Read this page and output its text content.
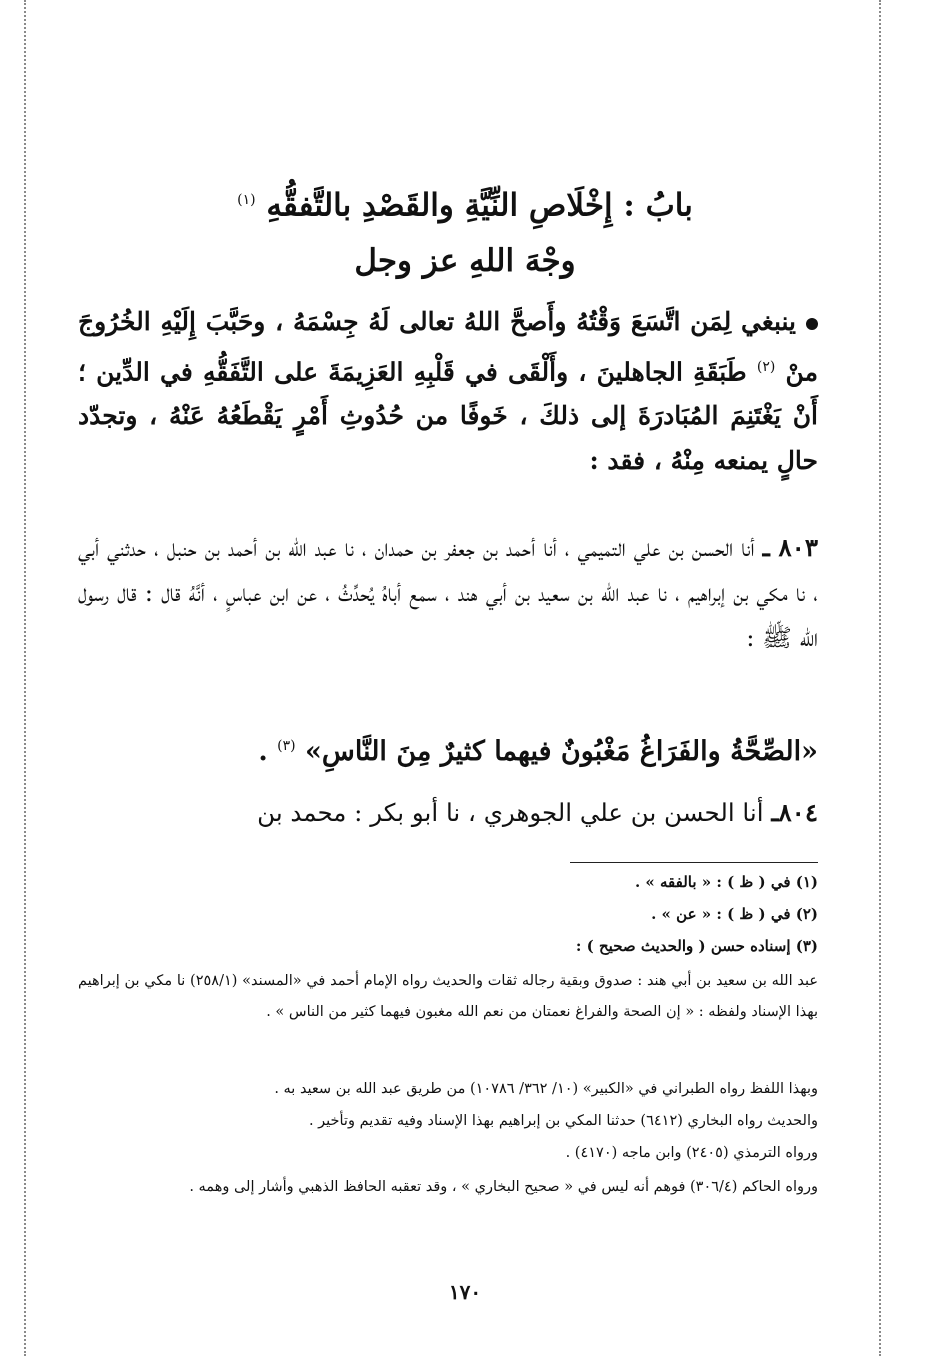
بابُ : إِخْلَاصِ النِّيَّةِ والقَصْدِ بالتَّفقُّهِ $^{(١)}$
وجْهَ اللهِ عز وجل
ينبغي لِمَن اتَّسَعَ وَقْتُهُ وأَصحَّ اللهُ تعالى لَهُ جِسْمَهُ ، وحَبَّبَ إِلَيْهِ الخُرُوجَ منْ $^{(٢)}$ طَبَقَةِ الجاهلينَ ، وأَلْقَى في قَلْبِهِ العَزِيمَةَ على التَّفَقُّهِ في الدِّين ؛ أَنْ يَغْتَنِمَ المُبَادرَةَ إلى ذلكَ ، خَوفًا من حُدُوثِ أَمْرٍ يَقْطَعُهُ عَنْهُ ، وتجدّد حالٍ يمنعه مِنْهُ ، فقد :
٨٠٣ ـ أنا الحسن بن علي التميمي ، أنا أحمد بن جعفر بن حمدان ، نا عبد الله بن أحمد بن حنبل ، حدثني أبي ، نا مكي بن إبراهيم ، نا عبد الله بن سعيد بن أبي هند ، سمع أباهُ يُحدِّثُ ، عن ابن عباسٍ ، أنَّهُ قال : قال رسول الله ﷺ :
«الصِّحَّةُ والفَرَاغُ مَغْبُونٌ فيهما كثيرٌ مِنَ النَّاسِ» $^{(٣)}$ .
٨٠٤ـ أنا الحسن بن علي الجوهري ، نا أبو بكر : محمد بن
(١) في ( ظ ) : « بالفقه » .
(٢) في ( ظ ) : « عن » .
(٣) إسناده حسن ( والحديث صحيح ) :
عبد الله بن سعيد بن أبي هند : صدوق وبقية رجاله ثقات والحديث رواه الإمام أحمد في «المسند» (٢٥٨/١) نا مكي بن إبراهيم بهذا الإسناد ولفظه : « إن الصحة والفراغ نعمتان من نعم الله مغبون فيهما كثير من الناس » .
وبهذا اللفظ رواه الطبراني في «الكبير» (١٠/ ٣٦٢/ ١٠٧٨٦) من طريق عبد الله بن سعيد به .
والحديث رواه البخاري (٦٤١٢) حدثنا المكي بن إبراهيم بهذا الإسناد وفيه تقديم وتأخير .
ورواه الترمذي (٢٤٠٥) وابن ماجه (٤١٧٠) .
ورواه الحاكم (٣٠٦/٤) فوهم أنه ليس في « صحيح البخاري » ، وقد تعقبه الحافظ الذهبي وأشار إلى وهمه .
١٧٠
